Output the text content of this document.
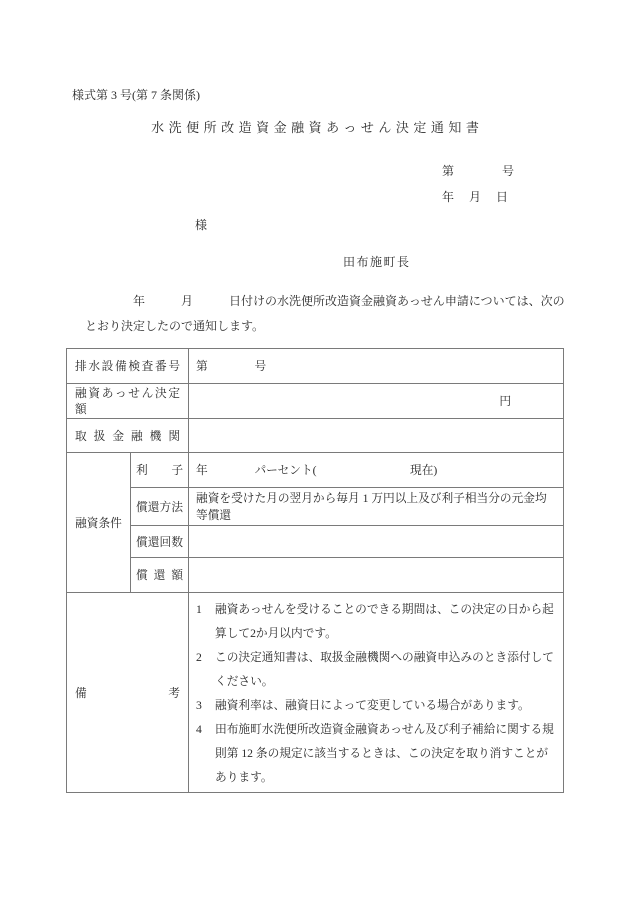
様式第 3 号(第 7 条関係)
水洗便所改造資金融資あっせん決定通知書
第　　　　号
年　月　日
様
田布施町長
　　　　年　　　月　　　日付けの水洗便所改造資金融資あっせん申請については、次の
とおり決定したので通知します。
排水設備検査番号		第　　　　号
融資あっせん決定額		円
取扱金融機関		
融資条件	利子	年　　　　パーセント(　　　　　　　　現在)
	償還方法	融資を受けた月の翌月から毎月 1 万円以上及び利子相当分の元金均等償還
	償還回数	
	償還額	
備考	
1	融資あっせんを受けることのできる期間は、この決定の日から起算して2か月以内です。
2	この決定通知書は、取扱金融機関への融資申込みのとき添付してください。
3	融資利率は、融資日によって変更している場合があります。
4	田布施町水洗便所改造資金融資あっせん及び利子補給に関する規則第 12 条の規定に該当するときは、この決定を取り消すことがあります。
